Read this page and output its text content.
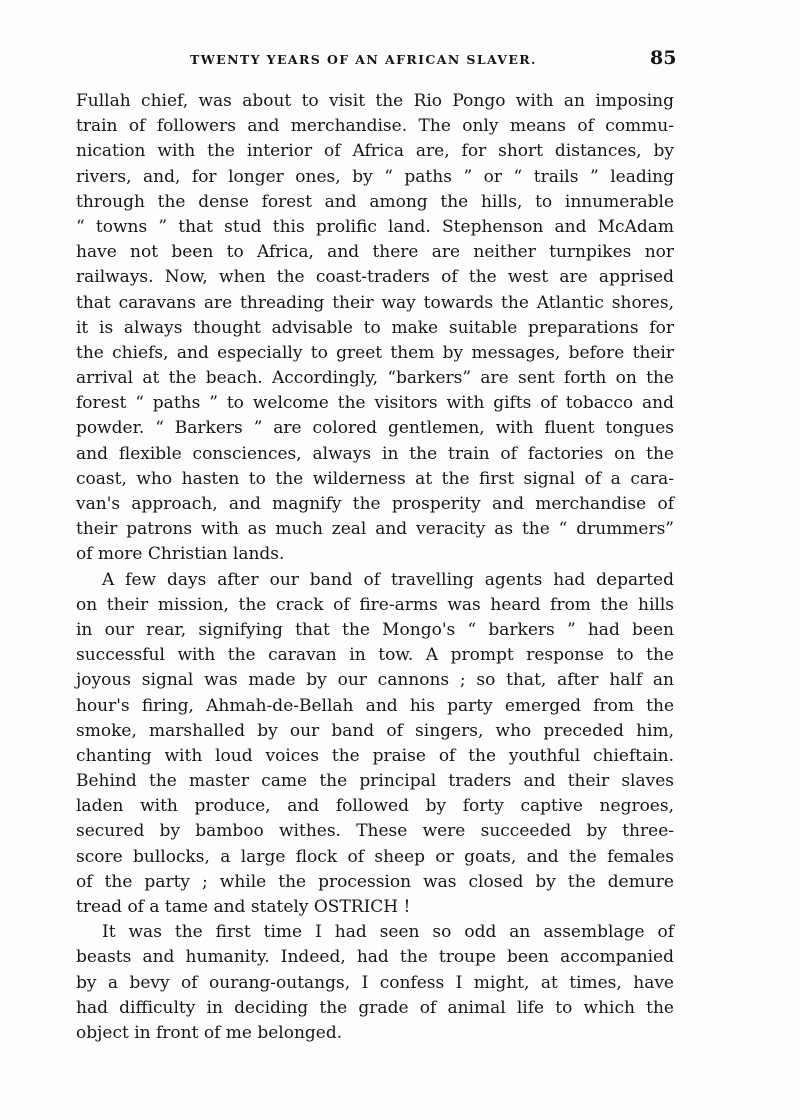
TWENTY YEARS OF AN AFRICAN SLAVER.	85
Fullah chief, was about to visit the Rio Pongo with an imposing
train of followers and merchandise. The only means of commu-
nication with the interior of Africa are, for short distances, by
rivers, and, for longer ones, by “ paths ” or “ trails ” leading
through the dense forest and among the hills, to innumerable
“ towns ” that stud this prolific land. Stephenson and McAdam
have not been to Africa, and there are neither turnpikes nor
railways. Now, when the coast-traders of the west are apprised
that caravans are threading their way towards the Atlantic shores,
it is always thought advisable to make suitable preparations for
the chiefs, and especially to greet them by messages, before their
arrival at the beach. Accordingly, “barkers” are sent forth on the
forest “ paths ” to welcome the visitors with gifts of tobacco and
powder. “ Barkers ” are colored gentlemen, with fluent tongues
and flexible consciences, always in the train of factories on the
coast, who hasten to the wilderness at the first signal of a cara-
van's approach, and magnify the prosperity and merchandise of
their patrons with as much zeal and veracity as the “ drummers”
of more Christian lands.
A few days after our band of travelling agents had departed
on their mission, the crack of fire-arms was heard from the hills
in our rear, signifying that the Mongo's “ barkers ” had been
successful with the caravan in tow. A prompt response to the
joyous signal was made by our cannons ; so that, after half an
hour's firing, Ahmah-de-Bellah and his party emerged from the
smoke, marshalled by our band of singers, who preceded him,
chanting with loud voices the praise of the youthful chieftain.
Behind the master came the principal traders and their slaves
laden with produce, and followed by forty captive negroes,
secured by bamboo withes. These were succeeded by three-
score bullocks, a large flock of sheep or goats, and the females
of the party ; while the procession was closed by the demure
tread of a tame and stately OSTRICH !
It was the first time I had seen so odd an assemblage of
beasts and humanity. Indeed, had the troupe been accompanied
by a bevy of ourang-outangs, I confess I might, at times, have
had difficulty in deciding the grade of animal life to which the
object in front of me belonged.
